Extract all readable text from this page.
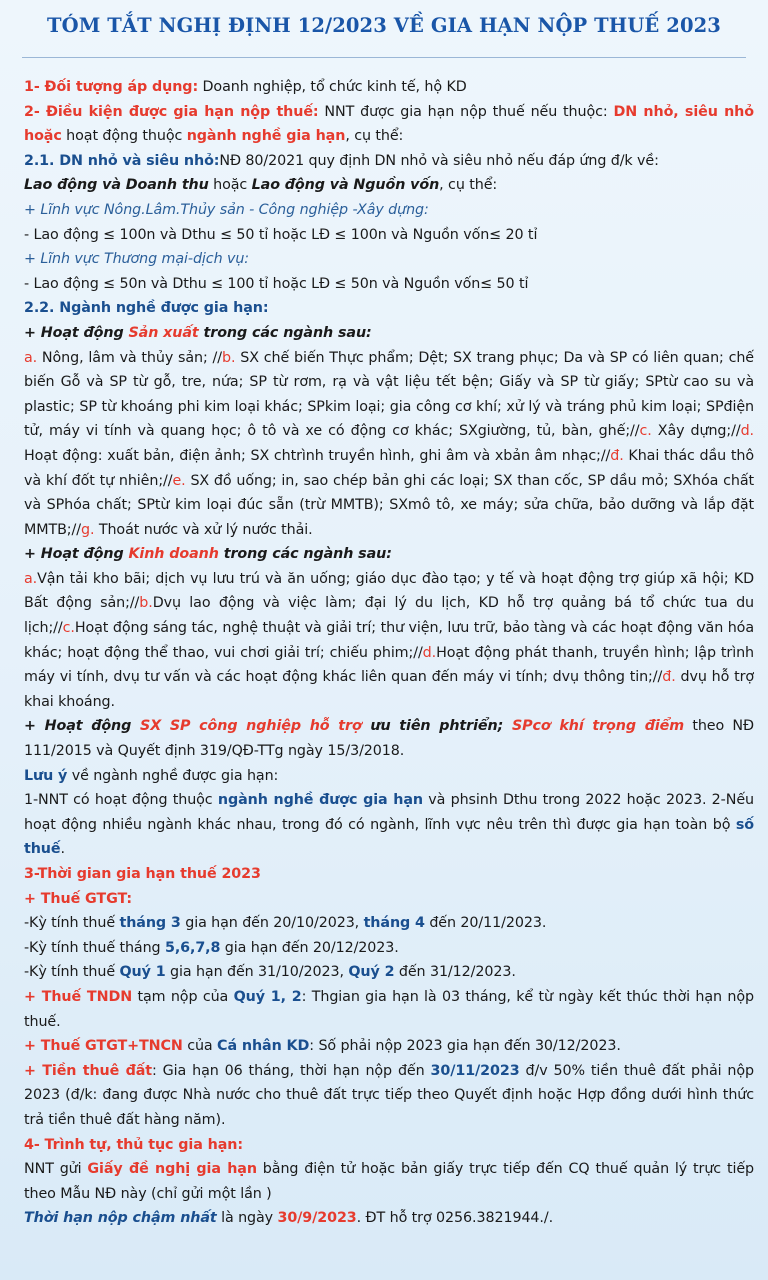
TÓM TẮT NGHỊ ĐỊNH 12/2023 VỀ GIA HẠN NỘP THUẾ 2023
1- Đối tượng áp dụng: Doanh nghiệp, tổ chức kinh tế, hộ KD
2- Điều kiện được gia hạn nộp thuế: NNT được gia hạn nộp thuế nếu thuộc: DN nhỏ, siêu nhỏ hoặc hoạt động thuộc ngành nghề gia hạn, cụ thể:
2.1. DN nhỏ và siêu nhỏ:NĐ 80/2021 quy định DN nhỏ và siêu nhỏ nếu đáp ứng đ/k về:
Lao động và Doanh thu hoặc Lao động và Nguồn vốn, cụ thể:
+ Lĩnh vực Nông.Lâm.Thủy sản - Công nghiệp -Xây dựng:
- Lao động ≤ 100n và Dthu ≤ 50 tỉ hoặc LĐ ≤ 100n và Nguồn vốn≤ 20 tỉ
+ Lĩnh vực Thương mại-dịch vụ:
- Lao động ≤ 50n và Dthu ≤ 100 tỉ hoặc LĐ ≤ 50n và Nguồn vốn≤ 50 tỉ
2.2. Ngành nghề được gia hạn:
+ Hoạt động Sản xuất trong các ngành sau:
a. Nông, lâm và thủy sản; //b. SX chế biến Thực phẩm; Dệt; SX trang phục; Da và SP có liên quan; chế biến Gỗ và SP từ gỗ, tre, nứa; SP từ rơm, rạ và vật liệu tết bện; Giấy và SP từ giấy; SPtừ cao su và plastic; SP từ khoáng phi kim loại khác; SPkim loại; gia công cơ khí; xử lý và tráng phủ kim loại; SPđiện tử, máy vi tính và quang học; ô tô và xe có động cơ khác; SXgiường, tủ, bàn, ghế;//c. Xây dựng;//d. Hoạt động: xuất bản, điện ảnh; SX chtrình truyền hình, ghi âm và xbản âm nhạc;//đ. Khai thác dầu thô và khí đốt tự nhiên;//e. SX đồ uống; in, sao chép bản ghi các loại; SX than cốc, SP dầu mỏ; SXhóa chất và SPhóa chất; SPtừ kim loại đúc sẵn (trừ MMTB); SXmô tô, xe máy; sửa chữa, bảo dưỡng và lắp đặt MMTB;//g. Thoát nước và xử lý nước thải.
+ Hoạt động Kinh doanh trong các ngành sau:
a.Vận tải kho bãi; dịch vụ lưu trú và ăn uống; giáo dục đào tạo; y tế và hoạt động trợ giúp xã hội; KD Bất động sản;//b.Dvụ lao động và việc làm; đại lý du lịch, KD hỗ trợ quảng bá tổ chức tua du lịch;//c.Hoạt động sáng tác, nghệ thuật và giải trí; thư viện, lưu trữ, bảo tàng và các hoạt động văn hóa khác; hoạt động thể thao, vui chơi giải trí; chiếu phim;//d.Hoạt động phát thanh, truyền hình; lập trình máy vi tính, dvụ tư vấn và các hoạt động khác liên quan đến máy vi tính; dvụ thông tin;//đ. dvụ hỗ trợ khai khoáng.
+ Hoạt động SX SP công nghiệp hỗ trợ ưu tiên phtriển; SPcơ khí trọng điểm theo NĐ 111/2015 và Quyết định 319/QĐ-TTg ngày 15/3/2018.
Lưu ý về ngành nghề được gia hạn:
1-NNT có hoạt động thuộc ngành nghề được gia hạn và phsinh Dthu trong 2022 hoặc 2023. 2-Nếu hoạt động nhiều ngành khác nhau, trong đó có ngành, lĩnh vực nêu trên thì được gia hạn toàn bộ số thuế.
3-Thời gian gia hạn thuế 2023
+ Thuế GTGT:
-Kỳ tính thuế tháng 3 gia hạn đến 20/10/2023, tháng 4 đến 20/11/2023.
-Kỳ tính thuế tháng 5,6,7,8 gia hạn đến 20/12/2023.
-Kỳ tính thuế Quý 1 gia hạn đến 31/10/2023, Quý 2 đến 31/12/2023.
+ Thuế TNDN tạm nộp của Quý 1, 2: Thgian gia hạn là 03 tháng, kể từ ngày kết thúc thời hạn nộp thuế.
+ Thuế GTGT+TNCN của Cá nhân KD: Số phải nộp 2023 gia hạn đến 30/12/2023.
+ Tiền thuê đất: Gia hạn 06 tháng, thời hạn nộp đến 30/11/2023 đ/v 50% tiền thuê đất phải nộp 2023 (đ/k: đang được Nhà nước cho thuê đất trực tiếp theo Quyết định hoặc Hợp đồng dưới hình thức trả tiền thuê đất hàng năm).
4- Trình tự, thủ tục gia hạn:
NNT gửi Giấy đề nghị gia hạn bằng điện tử hoặc bản giấy trực tiếp đến CQ thuế quản lý trực tiếp theo Mẫu NĐ này (chỉ gửi một lần )
Thời hạn nộp chậm nhất là ngày 30/9/2023. ĐT hỗ trợ 0256.3821944./.
